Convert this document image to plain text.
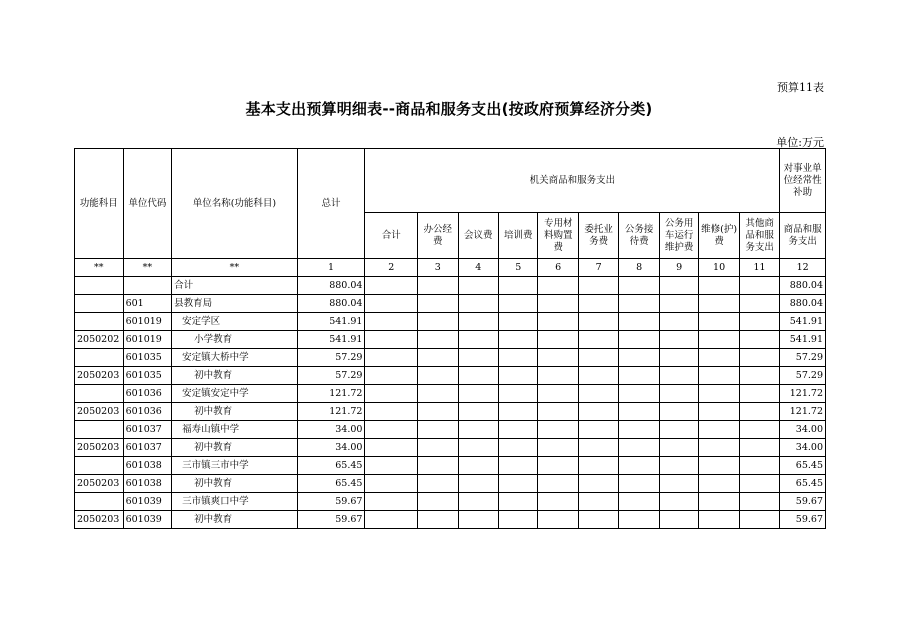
预算11表
基本支出预算明细表--商品和服务支出(按政府预算经济分类)
单位:万元
功能科目	单位代码	单位名称(功能科目)	总计	机关商品和服务支出										对事业单位经常性补助
				合计	办公经费	会议费	培训费	专用材料购置费	委托业务费	公务接待费	公务用车运行维护费	维修(护)费	其他商品和服务支出	商品和服务支出
**	**	**	1	2	3	4	5	6	7	8	9	10	11	12
		合计	880.04											880.04
	601	县教育局	880.04											880.04
	601019	安定学区	541.91											541.91
2050202	601019	小学教育	541.91											541.91
	601035	安定镇大桥中学	57.29											57.29
2050203	601035	初中教育	57.29											57.29
	601036	安定镇安定中学	121.72											121.72
2050203	601036	初中教育	121.72											121.72
	601037	福寿山镇中学	34.00											34.00
2050203	601037	初中教育	34.00											34.00
	601038	三市镇三市中学	65.45											65.45
2050203	601038	初中教育	65.45											65.45
	601039	三市镇爽口中学	59.67											59.67
2050203	601039	初中教育	59.67											59.67
